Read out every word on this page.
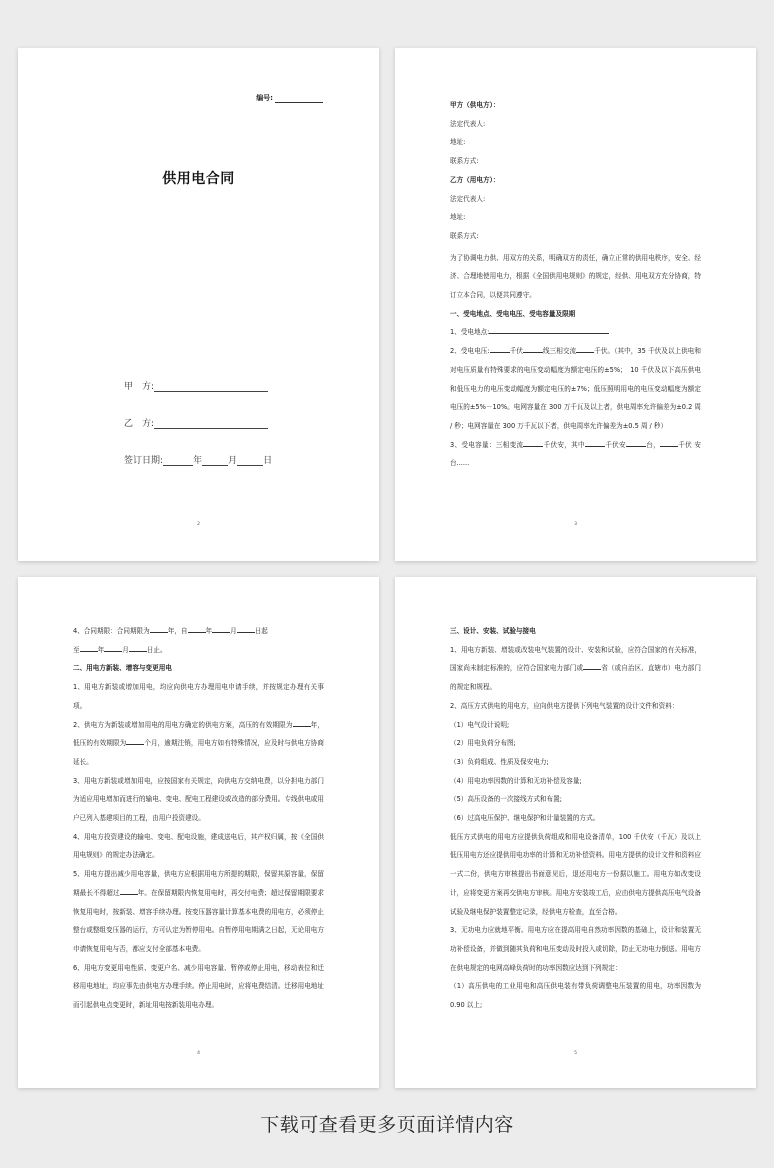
编号:
供用电合同
甲　方:
乙　方:
签订日期:	年	月	日
2

甲方（供电方）：

法定代表人:

地址:

联系方式:

乙方（用电方）：

法定代表人:

地址:

联系方式:

为了协调电力供、用双方的关系，明确双方的责任，确立正常的供用电秩序，安全、经济、合理地使用电力，根据《全国供用电规则》的规定，经供、用电双方充分协商，特订立本合同，以便共同遵守。

一、受电地点、受电电压、受电容量及限期

1、受电地点:

2、受电电压:	千伏	线三相交流	千伏。（其中，35 千伏及以上供电和对电压质量有特殊要求的电压变动幅度为额定电压的±5%；　10 千伏及以下高压供电和低压电力的电压变动幅度为额定电压的±7%；低压照明用电的电压变动幅度为额定电压的±5%－10%。电网容量在 300 万千瓦及以上者，供电周率允许偏差为±0.2 周 / 秒；电网容量在 300 万千瓦以下者，供电周率允许偏差为±0.5 周 / 秒）

3、受电容量：三相变流	千伏安，其中	千伏安	台，	千伏 安台......

3

4、合同期限：合同期限为	年，自	年	月	日起

至	年	月	日止。

二、用电方新装、增容与变更用电

1、用电方新装或增加用电，均应向供电方办理用电申请手续，并按规定办理有关事项。

2、供电方为新装或增加用电的用电方确定的供电方案，高压的有效期限为	年，低压的有效期限为	个月，逾期注销，用电方如有特殊情况，应及时与供电方协商延长。

3、用电方新装或增加用电，应按国家有关规定，向供电方交纳电费，以分担电力部门为适应用电增加而进行的输电、变电、配电工程建设或改造的部分费用。专线供电或用户已列入基建项目的工程，由用户投资建设。

4、用电方投资建设的输电、变电、配电设施，建成送电后，其产权归属，按《全国供用电规则》的规定办法确定。

5、用电方提出减少用电容量，供电方应根据用电方所提的期限，保留其原容量，保留期最长不得超过	年。在保留期限内恢复用电时，再交付电费；超过保留期限要求恢复用电时，按新装、增容手续办理。按变压器容量计算基本电费的用电方，必须停止整台或整组变压器的运行，方可认定为暂停用电。自暂停用电期满之日起，无论用电方申请恢复用电与否，都应支付全部基本电费。

6、用电方变更用电性质、变更户名、减少用电容量、暂停或停止用电，移动表位和迁移用电地址，均应事先由供电方办理手续。停止用电时，应将电费结清。迁移用电地址而引起供电点变更时，新址用电按新装用电办理。

4

三、设计、安装、试验与接电

1、用电方新装、增装或改装电气装置的设计、安装和试验，应符合国家的有关标准，国家尚未制定标准的，应符合国家电力部门或	省（或自治区、直辖市）电力部门的规定和规程。

2、高压方式供电的用电方，应向供电方提供下列电气装置的设计文件和资料：

（1）电气设计说明;

（2）用电负荷分布图;

（3）负荷组成、性质及保安电力;

（4）用电功率因数的计算和无功补偿及容量;

（5）高压设备的一次接线方式和布置;

（6）过高电压保护、继电保护和计量装置的方式。

低压方式供电的用电方应提供负荷组成和用电设备清单，100 千伏安（千瓦）及以上低压用电方还应提供用电功率的计算和无功补偿资料。用电方提供的设计文件和资料应一式二份，供电方审核提出书面意见后，退还用电方一份据以施工。用电方如改变设计，应将变更方案再交供电方审核。用电方安装竣工后，应由供电方提供高压电气设备试验及继电保护装置整定记录，经供电方检查，直至合格。

3、无功电力应就地平衡。用电方应在提高用电自然功率因数的基础上，设计和装置无功补偿设备，并做到随其负荷和电压变动及时投入或切除，防止无功电力倒送。用电方在供电规定的电网高峰负荷时的功率因数应达到下列规定：

（1）高压供电的工业用电和高压供电装有带负荷调整电压装置的用电，功率因数为 0.90 以上;

5
下载可查看更多页面详情内容
